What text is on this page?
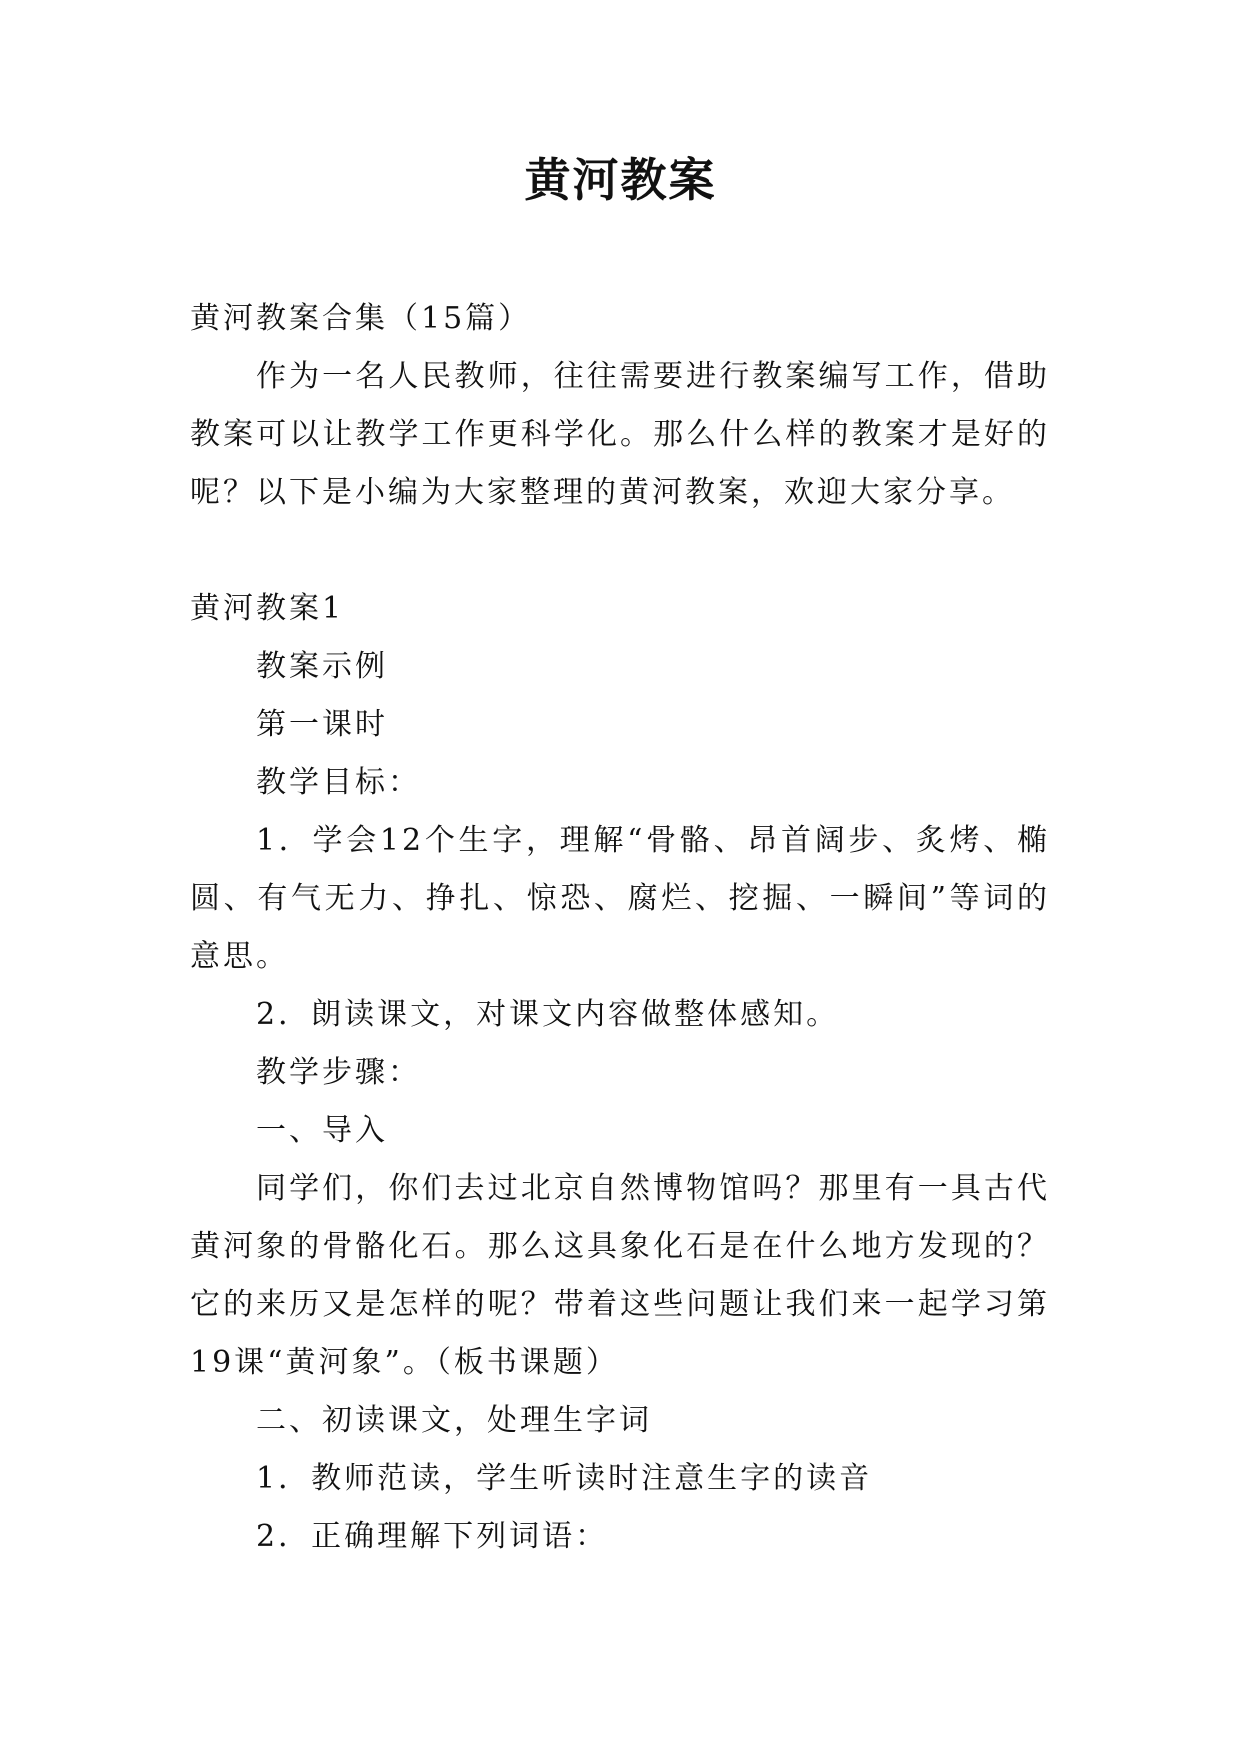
黄河教案

黄河教案合集（15篇）

作为一名人民教师，往往需要进行教案编写工作，借助教案可以让教学工作更科学化。那么什么样的教案才是好的呢？以下是小编为大家整理的黄河教案，欢迎大家分享。

黄河教案1

教案示例

第一课时

教学目标：

1．学会12个生字，理解“骨骼、昂首阔步、炙烤、椭圆、有气无力、挣扎、惊恐、腐烂、挖掘、一瞬间”等词的意思。

2．朗读课文，对课文内容做整体感知。

教学步骤：

一、导入

同学们，你们去过北京自然博物馆吗？那里有一具古代黄河象的骨骼化石。那么这具象化石是在什么地方发现的？它的来历又是怎样的呢？带着这些问题让我们来一起学习第19课“黄河象”。（板书课题）

二、初读课文，处理生字词

1．教师范读，学生听读时注意生字的读音

2．正确理解下列词语：
